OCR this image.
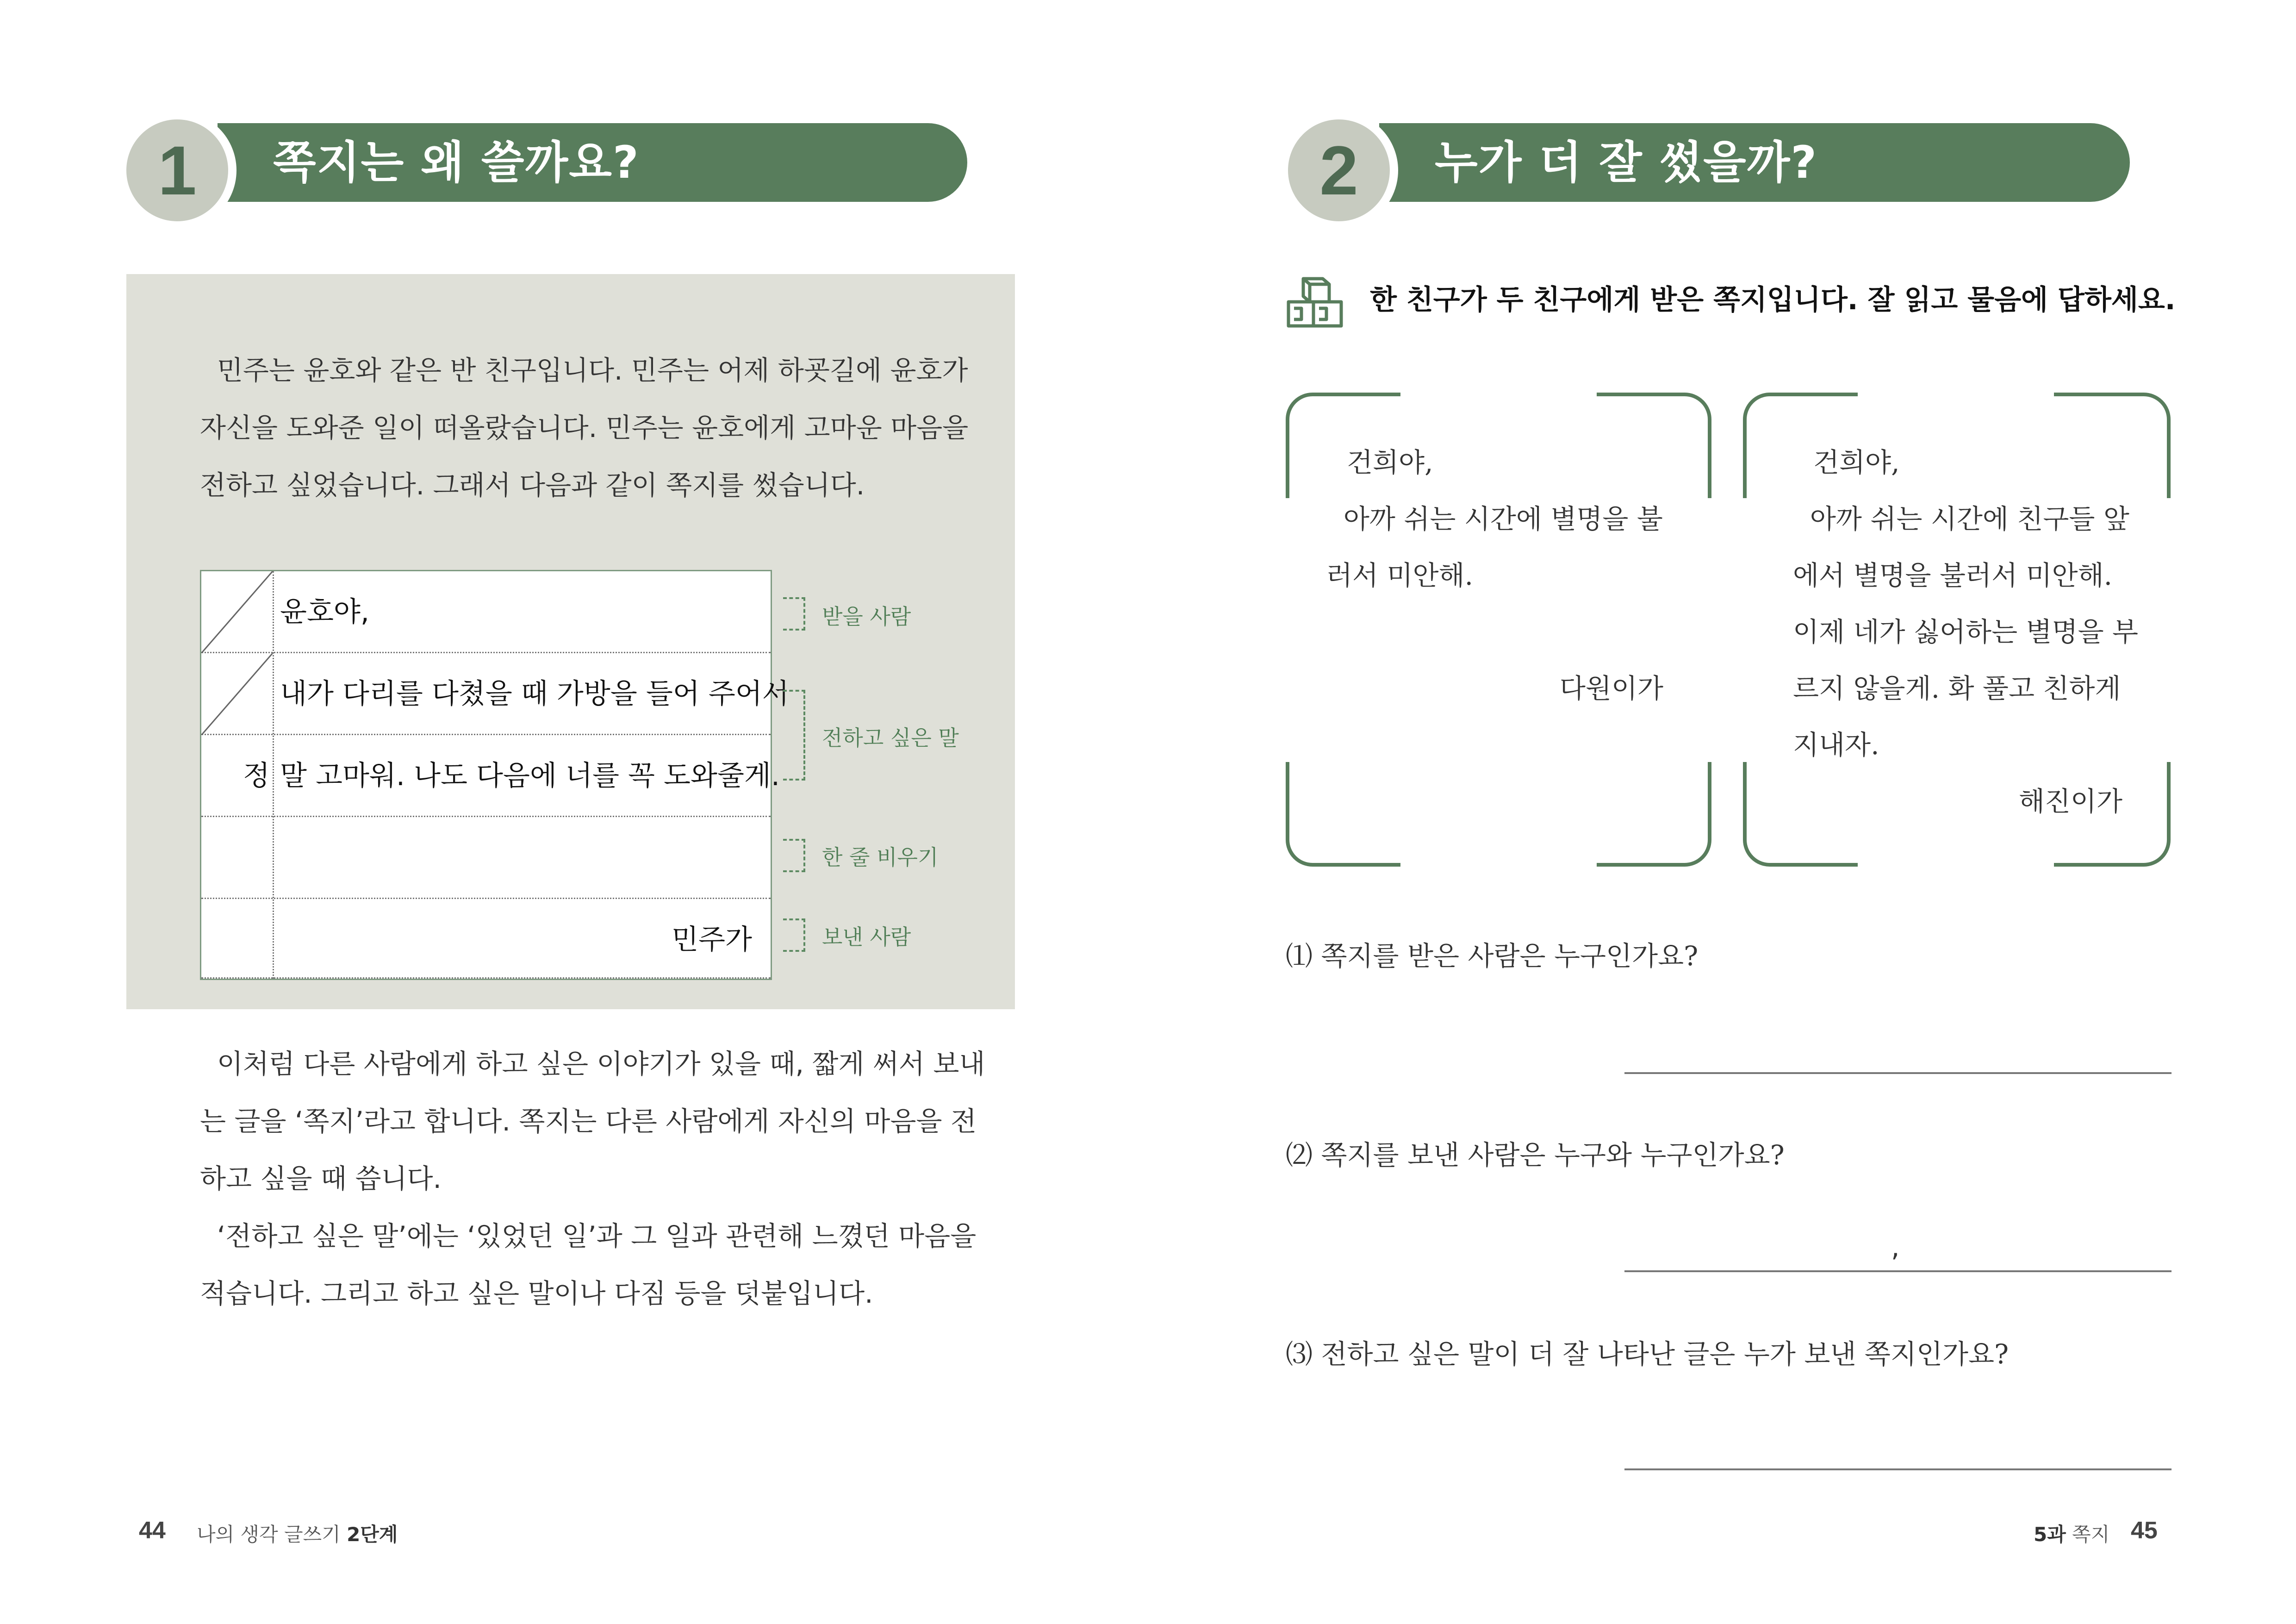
쪽지는 왜 쓸까요?
1
민주는 윤호와 같은 반 친구입니다. 민주는 어제 하굣길에 윤호가
자신을 도와준 일이 떠올랐습니다. 민주는 윤호에게 고마운 마음을
전하고 싶었습니다. 그래서 다음과 같이 쪽지를 썼습니다.
윤호야,
내가 다리를 다쳤을 때 가방을 들어 주어서
정 말 고마워. 나도 다음에 너를 꼭 도와줄게.
민주가
받을 사람
전하고 싶은 말
한 줄 비우기
보낸 사람
이처럼 다른 사람에게 하고 싶은 이야기가 있을 때, 짧게 써서 보내
는 글을 ‘쪽지’라고 합니다. 쪽지는 다른 사람에게 자신의 마음을 전
하고 싶을 때 씁니다.
‘전하고 싶은 말’에는 ‘있었던 일’과 그 일과 관련해 느꼈던 마음을
적습니다. 그리고 하고 싶은 말이나 다짐 등을 덧붙입니다.
44 나의 생각 글쓰기 2단계
누가 더 잘 썼을까?
2
한 친구가 두 친구에게 받은 쪽지입니다. 잘 읽고 물음에 답하세요.
건희야,
아까 쉬는 시간에 별명을 불
러서 미안해.
다원이가
건희야,
아까 쉬는 시간에 친구들 앞
에서 별명을 불러서 미안해.
이제 네가 싫어하는 별명을 부
르지 않을게. 화 풀고 친하게
지내자.
해진이가
⑴ 쪽지를 받은 사람은 누구인가요?
⑵ 쪽지를 보낸 사람은 누구와 누구인가요?
,
⑶ 전하고 싶은 말이 더 잘 나타난 글은 누가 보낸 쪽지인가요?
5과 쪽지 45
